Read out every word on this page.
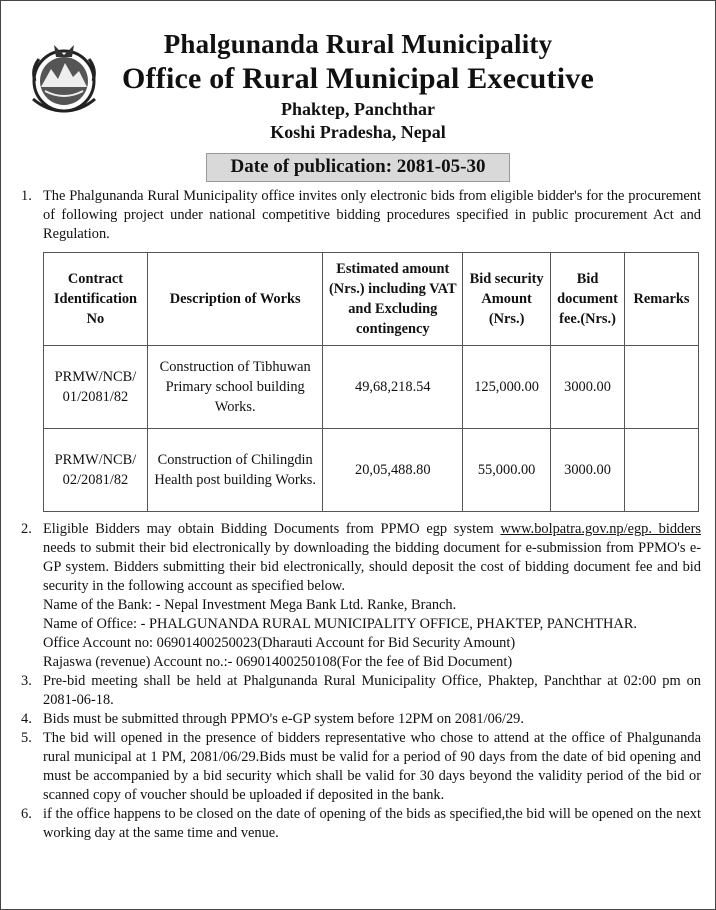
Phalgunanda Rural Municipality
Office of Rural Municipal Executive
Phaktep, Panchthar
Koshi Pradesha, Nepal
Date of publication: 2081-05-30
1. The Phalgunanda Rural Municipality office invites only electronic bids from eligible bidder's for the procurement of following project under national competitive bidding procedures specified in public procurement Act and Regulation.
Contract Identification No	Description of Works	Estimated amount (Nrs.) including VAT and Excluding contingency	Bid security Amount (Nrs.)	Bid document fee.(Nrs.)	Remarks
PRMW/NCB/ 01/2081/82	Construction of Tibhuwan Primary school building Works.	49,68,218.54	125,000.00	3000.00	
PRMW/NCB/ 02/2081/82	Construction of Chilingdin Health post building Works.	20,05,488.80	55,000.00	3000.00	
2. Eligible Bidders may obtain Bidding Documents from PPMO egp system www.bolpatra.gov.np/egp. bidders needs to submit their bid electronically by downloading the bidding document for e-submission from PPMO's e-GP system. Bidders submitting their bid electronically, should deposit the cost of bidding document fee and bid security in the following account as specified below.
Name of the Bank: - Nepal Investment Mega Bank Ltd. Ranke, Branch.
Name of Office: - PHALGUNANDA RURAL MUNICIPALITY OFFICE, PHAKTEP, PANCHTHAR.
Office Account no: 06901400250023(Dharauti Account for Bid Security Amount)
Rajaswa (revenue) Account no.:- 06901400250108(For the fee of Bid Document)
3. Pre-bid meeting shall be held at Phalgunanda Rural Municipality Office, Phaktep, Panchthar at 02:00 pm on 2081-06-18.
4. Bids must be submitted through PPMO's e-GP system before 12PM on 2081/06/29.
5. The bid will opened in the presence of bidders representative who chose to attend at the office of Phalgunanda rural municipal at 1 PM, 2081/06/29.Bids must be valid for a period of 90 days from the date of bid opening and must be accompanied by a bid security which shall be valid for 30 days beyond the validity period of the bid or scanned copy of voucher should be uploaded if deposited in the bank.
6. if the office happens to be closed on the date of opening of the bids as specified,the bid will be opened on the next working day at the same time and venue.
